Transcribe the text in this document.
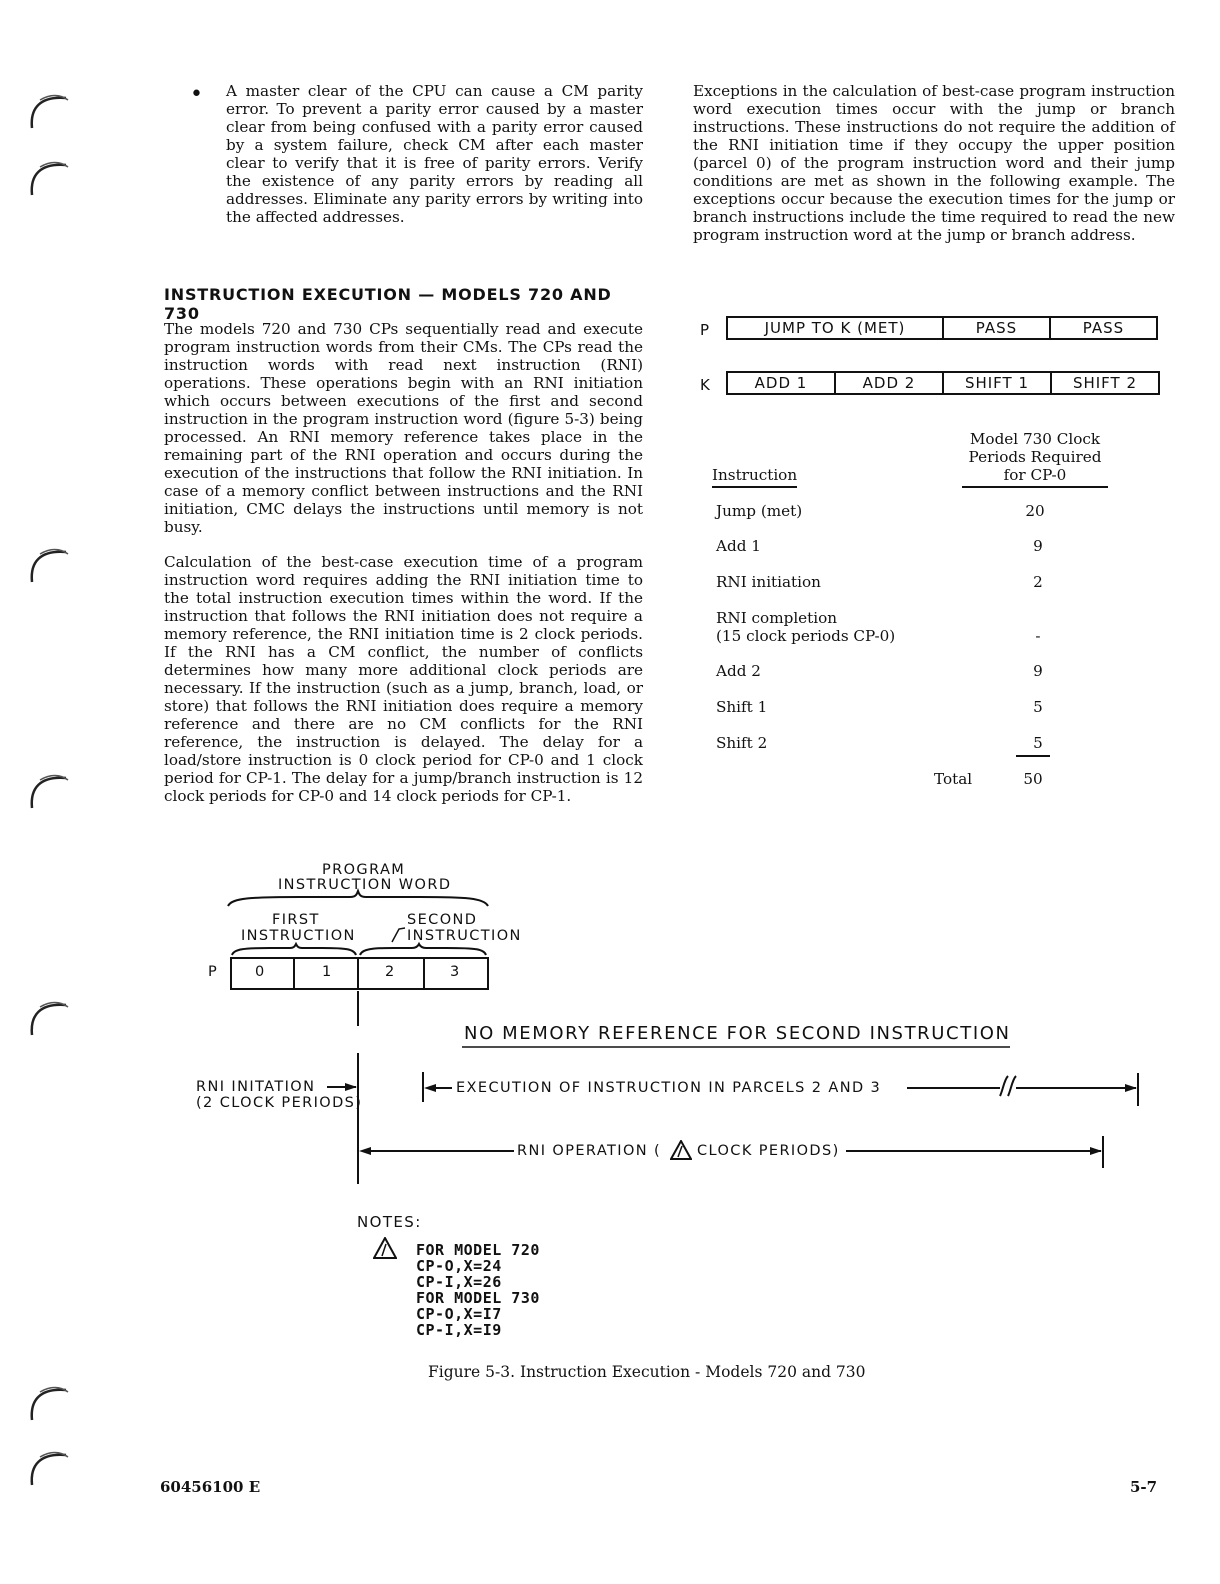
• A master clear of the CPU can cause a CM parity error. To prevent a parity error caused by a master clear from being confused with a parity error caused by a system failure, check CM after each master clear to verify that it is free of parity errors. Verify the existence of any parity errors by reading all addresses. Eliminate any parity errors by writing into the affected addresses.
INSTRUCTION EXECUTION — MODELS 720 AND 730
The models 720 and 730 CPs sequentially read and execute program instruction words from their CMs. The CPs read the instruction words with read next instruction (RNI) operations. These operations begin with an RNI initiation which occurs between executions of the first and second instruction in the program instruction word (figure 5-3) being processed. An RNI memory reference takes place in the remaining part of the RNI operation and occurs during the execution of the instructions that follow the RNI initiation. In case of a memory conflict between instructions and the RNI initiation, CMC delays the instructions until memory is not busy.
Calculation of the best-case execution time of a program instruction word requires adding the RNI initiation time to the total instruction execution times within the word. If the instruction that follows the RNI initiation does not require a memory reference, the RNI initiation time is 2 clock periods. If the RNI has a CM conflict, the number of conflicts determines how many more additional clock periods are necessary. If the instruction (such as a jump, branch, load, or store) that follows the RNI initiation does require a memory reference and there are no CM conflicts for the RNI reference, the instruction is delayed. The delay for a load/store instruction is 0 clock period for CP-0 and 1 clock period for CP-1. The delay for a jump/branch instruction is 12 clock periods for CP-0 and 14 clock periods for CP-1.
Exceptions in the calculation of best-case program instruction word execution times occur with the jump or branch instructions. These instructions do not require the addition of the RNI initiation time if they occupy the upper position (parcel 0) of the program instruction word and their jump conditions are met as shown in the following example. The exceptions occur because the execution times for the jump or branch instructions include the time required to read the new program instruction word at the jump or branch address.
P	JUMP TO K (MET)	PASS	PASS
K	ADD 1	ADD 2	SHIFT 1	SHIFT 2
Instruction
Model 730 Clock
Periods Required
for CP-0
Jump (met)	20
Add 1	9
RNI initiation	2
RNI completion
(15 clock periods CP-0)	-
Add 2	9
Shift 1	5
Shift 2	5
Total	50
PROGRAM
INSTRUCTION WORD
FIRST
INSTRUCTION
SECOND
INSTRUCTION
P	0	1	2	3
NO MEMORY REFERENCE FOR SECOND INSTRUCTION
RNI INITATION
(2 CLOCK PERIODS)
EXECUTION OF INSTRUCTION IN PARCELS 2 AND 3
RNI OPERATION ( CLOCK PERIODS)
NOTES:
FOR MODEL 720
CP-O,X=24
CP-I,X=26
FOR MODEL 730
CP-O,X=I7
CP-I,X=I9
Figure 5-3. Instruction Execution - Models 720 and 730
60456100 E	5-7
